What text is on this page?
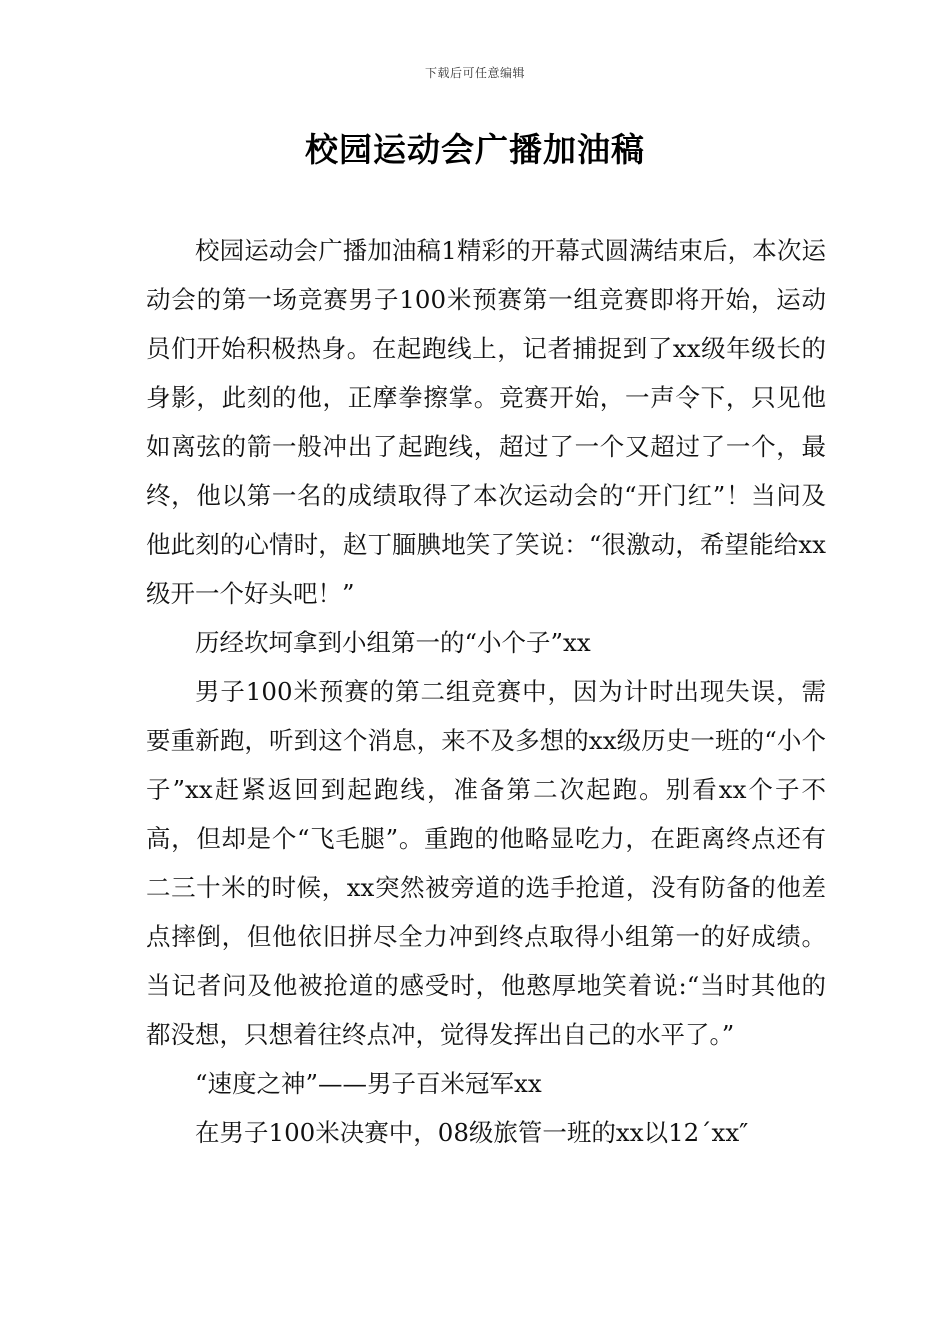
下载后可任意编辑
校园运动会广播加油稿

校园运动会广播加油稿1精彩的开幕式圆满结束后，本次运动会的第一场竞赛男子100米预赛第一组竞赛即将开始，运动员们开始积极热身。在起跑线上，记者捕捉到了xx级年级长的身影，此刻的他，正摩拳擦掌。竞赛开始，一声令下，只见他如离弦的箭一般冲出了起跑线，超过了一个又超过了一个，最终，他以第一名的成绩取得了本次运动会的“开门红”！当问及他此刻的心情时，赵丁腼腆地笑了笑说：“很激动，希望能给xx级开一个好头吧！”

历经坎坷拿到小组第一的“小个子”xx

男子100米预赛的第二组竞赛中，因为计时出现失误，需要重新跑，听到这个消息，来不及多想的xx级历史一班的“小个子”xx赶紧返回到起跑线，准备第二次起跑。别看xx个子不高，但却是个“飞毛腿”。重跑的他略显吃力，在距离终点还有二三十米的时候，xx突然被旁道的选手抢道，没有防备的他差点摔倒，但他依旧拼尽全力冲到终点取得小组第一的好成绩。当记者问及他被抢道的感受时，他憨厚地笑着说:“当时其他的都没想，只想着往终点冲，觉得发挥出自己的水平了。”

“速度之神”——男子百米冠军xx

在男子100米决赛中，08级旅管一班的xx以12´xx″
